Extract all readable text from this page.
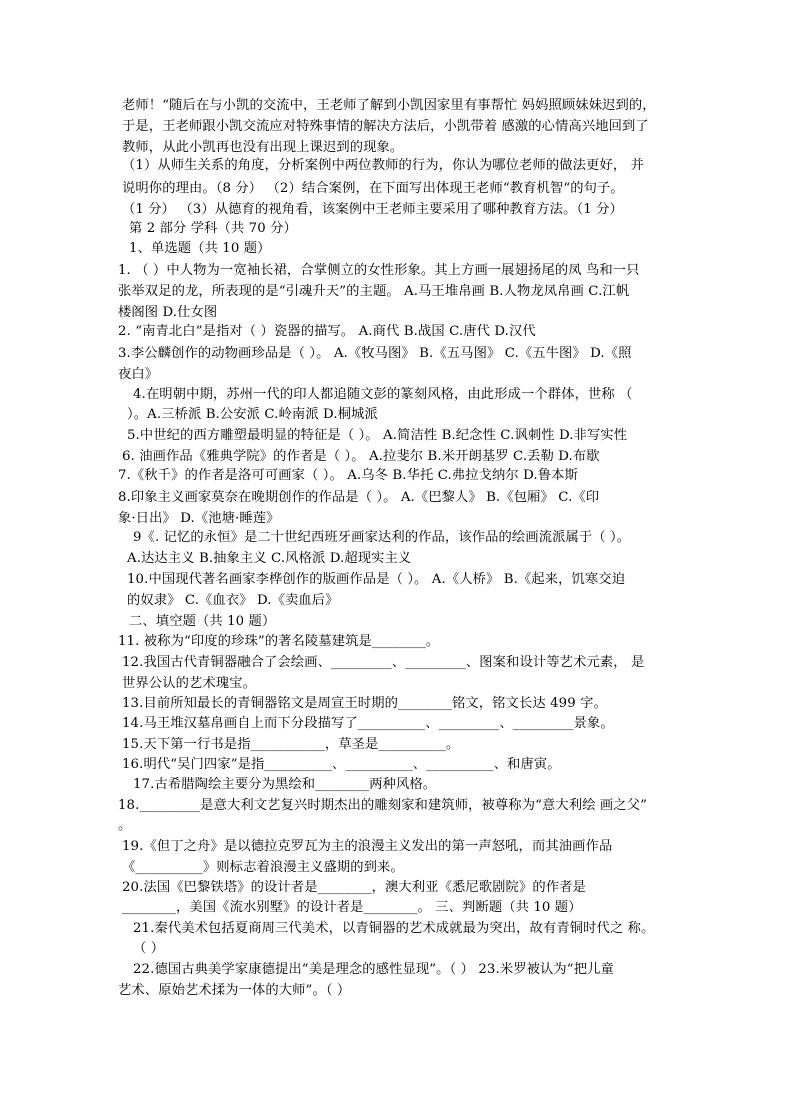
老师！“随后在与小凯的交流中，王老师了解到小凯因家里有事帮忙 妈妈照顾妹妹迟到的，
于是，王老师跟小凯交流应对特殊事情的解决方法后，小凯带着 感激的心情高兴地回到了
教师，从此小凯再也没有出现上课迟到的现象。
（1）从师生关系的角度，分析案例中两位教师的行为，你认为哪位老师的做法更好， 并
说明你的理由。（8 分） （2）结合案例，在下面写出体现王老师“教育机智“的句子。
（1 分） （3）从德育的视角看，该案例中王老师主要采用了哪种教育方法。（1 分）
第 2 部分 学科（共 70 分）
1、单选题（共 10 题）
1. （ ）中人物为一宽袖长裙，合掌侧立的女性形象。其上方画一展翅扬尾的凤 鸟和一只
张举双足的龙，所表现的是“引魂升天”的主题。 A.马王堆帛画 B.人物龙凤帛画 C.江帆
楼阁图 D.仕女图
2. “南青北白”是指对（ ）瓷器的描写。 A.商代 B.战国 C.唐代 D.汉代
3.李公麟创作的动物画珍品是（ ）。 A.《牧马图》 B.《五马图》 C.《五牛图》 D.《照
夜白》
4.在明朝中期，苏州一代的印人都追随文彭的篆刻风格，由此形成一个群体，世称 （
）。A.三桥派 B.公安派 C.岭南派 D.桐城派
5.中世纪的西方雕塑最明显的特征是（ ）。 A.简洁性 B.纪念性 C.讽刺性 D.非写实性
6. 油画作品《雅典学院》的作者是（ ）。 A.拉斐尔 B.米开朗基罗 C.丢勒 D.布歇
7.《秋千》的作者是洛可可画家（ ）。 A.乌冬 B.华托 C.弗拉戈纳尔 D.鲁本斯
8.印象主义画家莫奈在晚期创作的作品是（ ）。 A.《巴黎人》 B.《包厢》 C.《印
象·日出》 D.《池塘·睡莲》
9《. 记忆的永恒》是二十世纪西班牙画家达利的作品，该作品的绘画流派属于（ ）。
A.达达主义 B.抽象主义 C.风格派 D.超现实主义
10.中国现代著名画家李桦创作的版画作品是（ ）。 A.《人桥》 B.《起来，饥寒交迫
的奴隶》 C.《血衣》 D.《卖血后》
二、填空题（共 10 题）
11. 被称为“印度的珍珠”的著名陵墓建筑是________。
12.我国古代青铜器融合了会绘画、_________、_________、图案和设计等艺术元素， 是
世界公认的艺术瑰宝。
13.目前所知最长的青铜器铭文是周宣王时期的________铭文，铭文长达 499 字。
14.马王堆汉墓帛画自上而下分段描写了__________、_________、_________景象。
15.天下第一行书是指___________，草圣是__________。
16.明代“吴门四家”是指__________、__________、__________、和唐寅。
17.古希腊陶绘主要分为黑绘和________两种风格。
18._________是意大利文艺复兴时期杰出的雕刻家和建筑师，被尊称为“意大利绘 画之父”
。
19.《但丁之舟》是以德拉克罗瓦为主的浪漫主义发出的第一声怒吼，而其油画作品
《__________》则标志着浪漫主义盛期的到来。
20.法国《巴黎铁塔》的设计者是________，澳大利亚《悉尼歌剧院》的作者是
________，美国《流水别墅》的设计者是________。 三、判断题（共 10 题）
21.秦代美术包括夏商周三代美术，以青铜器的艺术成就最为突出，故有青铜时代之 称。
（ ）
22.德国古典美学家康德提出“美是理念的感性显现”。（ ） 23.米罗被认为“把儿童
艺术、原始艺术揉为一体的大师”。（ ）
